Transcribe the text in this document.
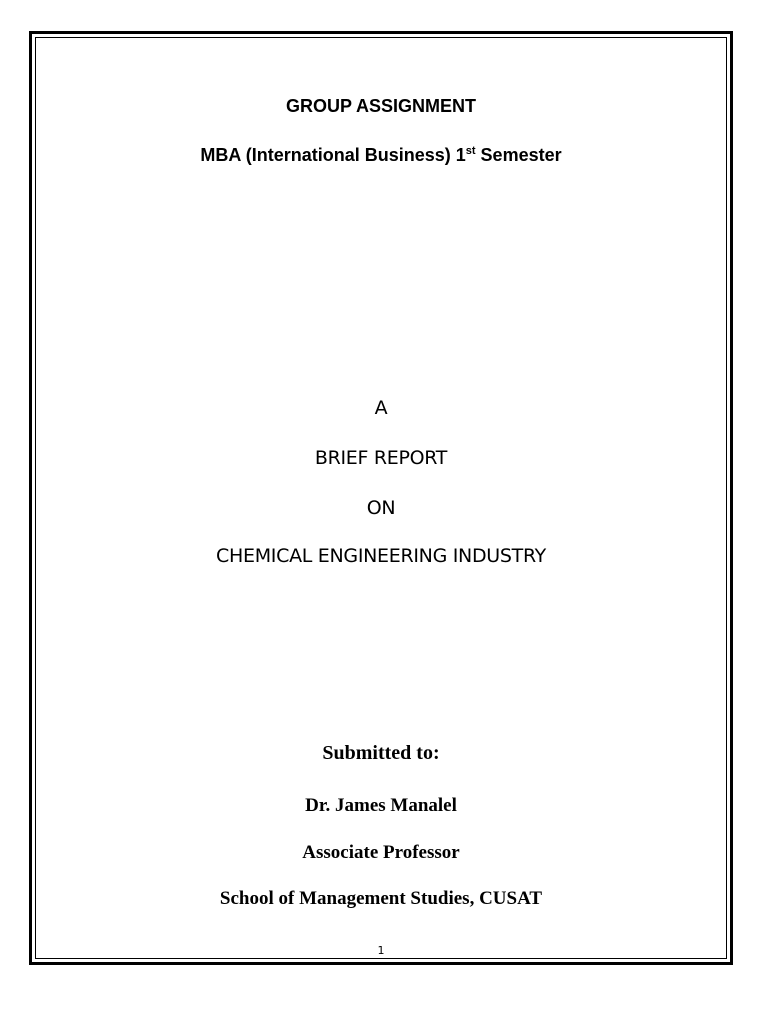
GROUP ASSIGNMENT
MBA (International Business) 1st Semester
A
BRIEF REPORT
ON
CHEMICAL ENGINEERING INDUSTRY
Submitted to:
Dr. James Manalel
Associate Professor
School of Management Studies, CUSAT
1
